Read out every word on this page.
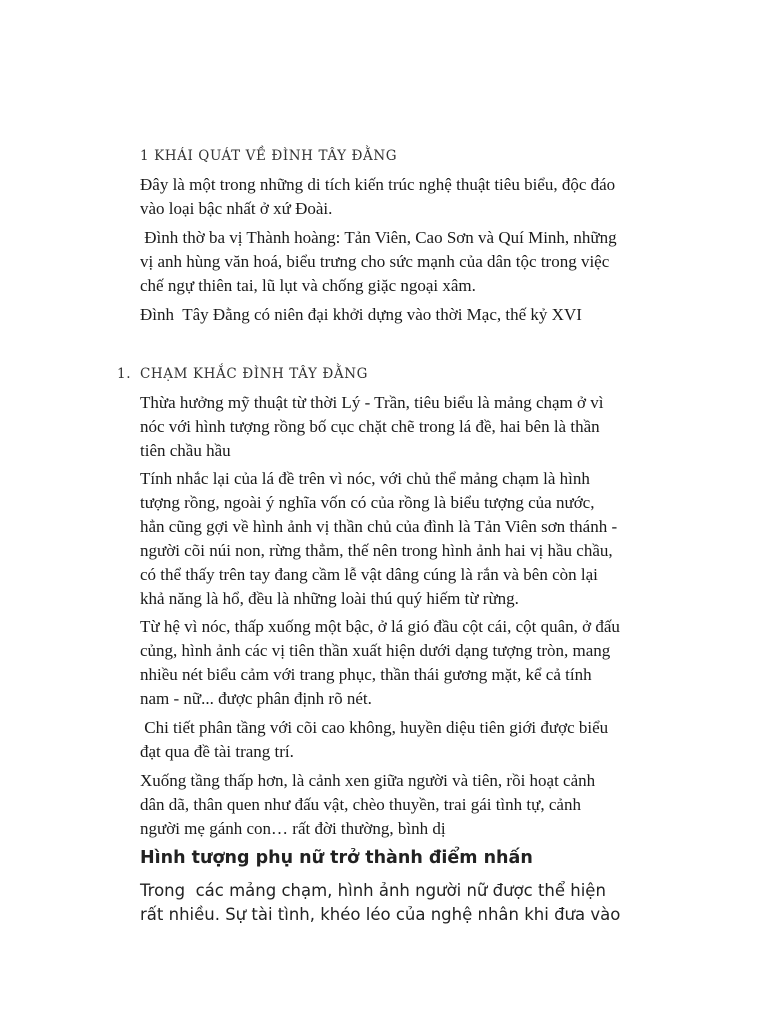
1 KHÁI QUÁT VỀ ĐÌNH TÂY ĐẰNG
Đây là một trong những di tích kiến trúc nghệ thuật tiêu biểu, độc đáo
vào loại bậc nhất ở xứ Đoài.
Đình thờ ba vị Thành hoàng: Tản Viên, Cao Sơn và Quí Minh, những
vị anh hùng văn hoá, biểu trưng cho sức mạnh của dân tộc trong việc
chế ngự thiên tai, lũ lụt và chống giặc ngoại xâm.
Đình  Tây Đằng có niên đại khởi dựng vào thời Mạc, thế kỷ XVI
1. CHẠM KHẮC ĐÌNH TÂY ĐẰNG
Thừa hưởng mỹ thuật từ thời Lý - Trần, tiêu biểu là mảng chạm ở vì
nóc với hình tượng rồng bố cục chặt chẽ trong lá đề, hai bên là thần
tiên chầu hầu
Tính nhắc lại của lá đề trên vì nóc, với chủ thể mảng chạm là hình
tượng rồng, ngoài ý nghĩa vốn có của rồng là biểu tượng của nước,
hẳn cũng gợi về hình ảnh vị thần chủ của đình là Tản Viên sơn thánh -
người cõi núi non, rừng thẳm, thế nên trong hình ảnh hai vị hầu chầu,
có thể thấy trên tay đang cầm lễ vật dâng cúng là rắn và bên còn lại
khả năng là hổ, đều là những loài thú quý hiếm từ rừng.
Từ hệ vì nóc, thấp xuống một bậc, ở lá gió đầu cột cái, cột quân, ở đấu
củng, hình ảnh các vị tiên thần xuất hiện dưới dạng tượng tròn, mang
nhiều nét biểu cảm với trang phục, thần thái gương mặt, kể cả tính
nam - nữ... được phân định rõ nét.
Chi tiết phân tầng với cõi cao không, huyền diệu tiên giới được biểu
đạt qua đề tài trang trí.
Xuống tầng thấp hơn, là cảnh xen giữa người và tiên, rồi hoạt cảnh
dân dã, thân quen như đấu vật, chèo thuyền, trai gái tình tự, cảnh
người mẹ gánh con… rất đời thường, bình dị
Hình tượng phụ nữ trở thành điểm nhấn
Trong  các mảng chạm, hình ảnh người nữ được thể hiện
rất nhiều. Sự tài tình, khéo léo của nghệ nhân khi đưa vào
